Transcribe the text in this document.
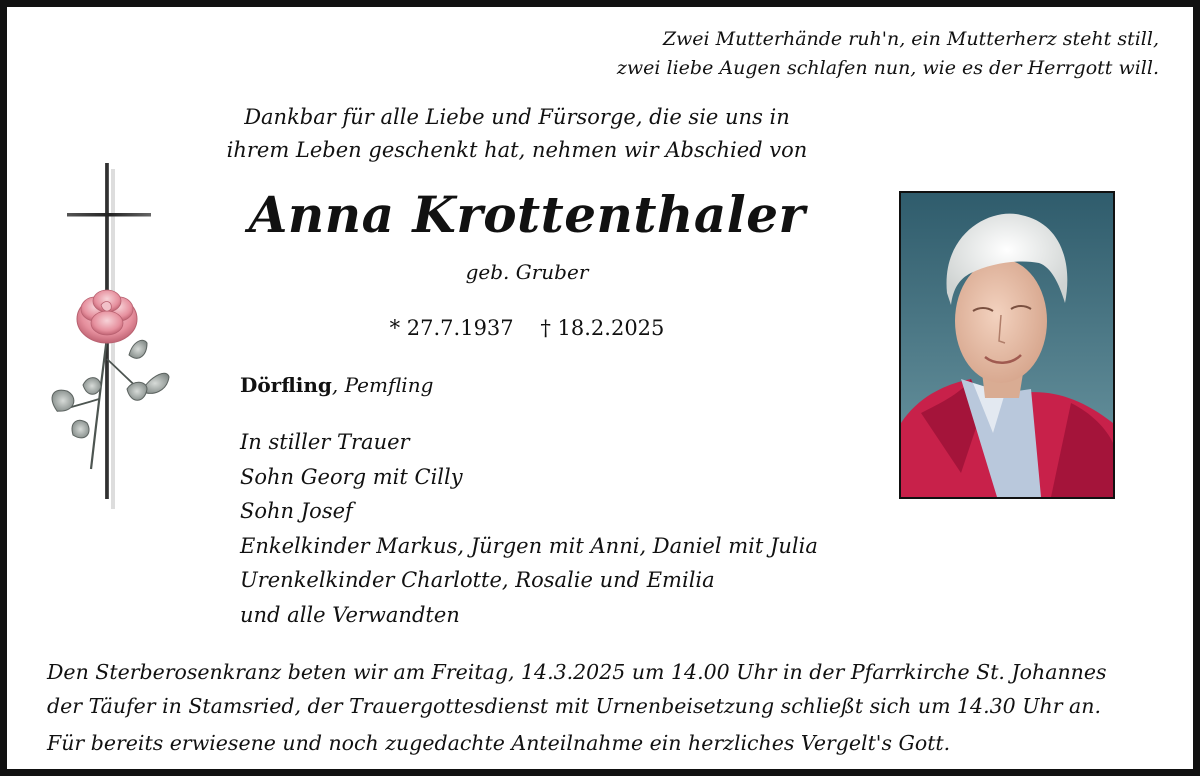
Zwei Mutterhände ruh'n, ein Mutterherz steht still,
zwei liebe Augen schlafen nun, wie es der Herrgott will.
Dankbar für alle Liebe und Fürsorge, die sie uns in
ihrem Leben geschenkt hat, nehmen wir Abschied von
Anna Krottenthaler
geb. Gruber
* 27.7.1937 † 18.2.2025
Dörfling, Pemfling
In stiller Trauer
Sohn Georg mit Cilly
Sohn Josef
Enkelkinder Markus, Jürgen mit Anni, Daniel mit Julia
Urenkelkinder Charlotte, Rosalie und Emilia
und alle Verwandten
Den Sterberosenkranz beten wir am Freitag, 14.3.2025 um 14.00 Uhr in der Pfarrkirche St. Johannes
der Täufer in Stamsried, der Trauergottesdienst mit Urnenbeisetzung schließt sich um 14.30 Uhr an.
Für bereits erwiesene und noch zugedachte Anteilnahme ein herzliches Vergelt's Gott.
